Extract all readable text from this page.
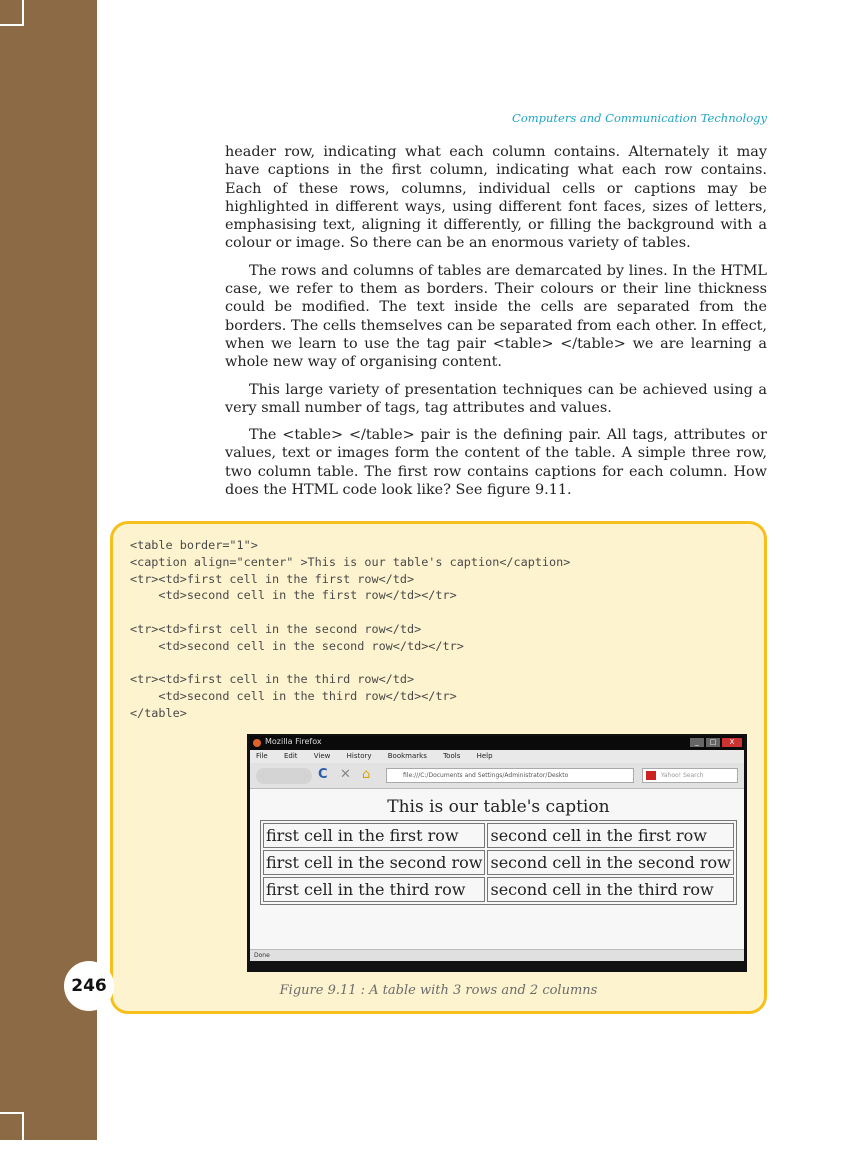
Computers and Communication Technology

header row, indicating what each column contains. Alternately it may have captions in the first column, indicating what each row contains. Each of these rows, columns, individual cells or captions may be highlighted in different ways, using different font faces, sizes of letters, emphasising text, aligning it differently, or filling the background with a colour or image. So there can be an enormous variety of tables.

The rows and columns of tables are demarcated by lines. In the HTML case, we refer to them as borders. Their colours or their line thickness could be modified. The text inside the cells are separated from the borders. The cells themselves can be separated from each other. In effect, when we learn to use the tag pair <table> </table> we are learning a whole new way of organising content.

This large variety of presentation techniques can be achieved using a very small number of tags, tag attributes and values.

The <table> </table> pair is the defining pair. All tags, attributes or values, text or images form the content of the table. A simple three row, two column table. The first row contains captions for each column. How does the HTML code look like? See figure 9.11.

<table border="1">
<caption align="center" >This is our table's caption</caption>
<tr><td>first cell in the first row</td>
<td>second cell in the first row</td></tr>

<tr><td>first cell in the second row</td>
<td>second cell in the second row</td></tr>

<tr><td>first cell in the third row</td>
<td>second cell in the third row</td></tr>
</table>
Mozilla Firefox	_	□	X
File Edit View History Bookmarks Tools Help
C ✕ ⌂	file:///C:/Documents and Settings/Administrator/Deskto	Yahoo! Search
This is our table's caption
first cell in the first row	second cell in the first row
first cell in the second row	second cell in the second row
first cell in the third row	second cell in the third row
Done
Figure 9.11 : A table with 3 rows and 2 columns
246
